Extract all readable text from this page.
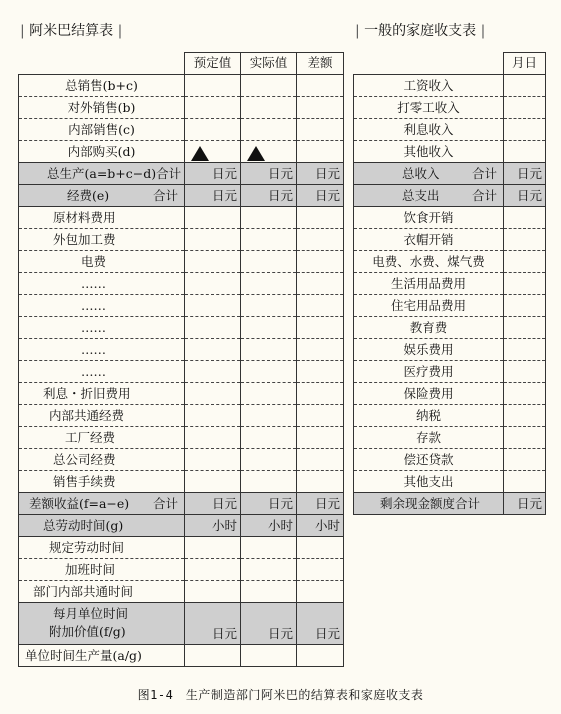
| 阿米巴结算表 |	| 一般的家庭收支表 |
	预定值	实际值	差额
总销售(b+c)			
对外销售(b)			
内部销售(c)			
内部购买(d)			

总生产(a=b+c−d) 合计	日元	日元	日元

经费(e) 合计	日元	日元	日元
原材料费用			
外包加工费			
电费			
……			
……			
……			
……			
……			
利息・折旧费用			
内部共通经费			
工厂经费			
总公司经费			
销售手续费			

差额收益(f=a−e) 合计	日元	日元	日元
总劳动时间(g)	小时	小时	小时
规定劳动时间			
加班时间			
部门内部共通时间			

每月单位时间
附加价值(f/g)	日元	日元	日元
单位时间生产量(a/g)			
	月日
工资收入	
打零工收入	
利息收入	
其他收入	

总收入 合计	日元

总支出 合计	日元
饮食开销	
衣帽开销	
电费、水费、煤气费	
生活用品费用	
住宅用品费用	
教育费	
娱乐费用	
医疗费用	
保险费用	
纳税	
存款	
偿还贷款	
其他支出	
剩余现金额度合计	日元
图1-4　生产制造部门阿米巴的结算表和家庭收支表
